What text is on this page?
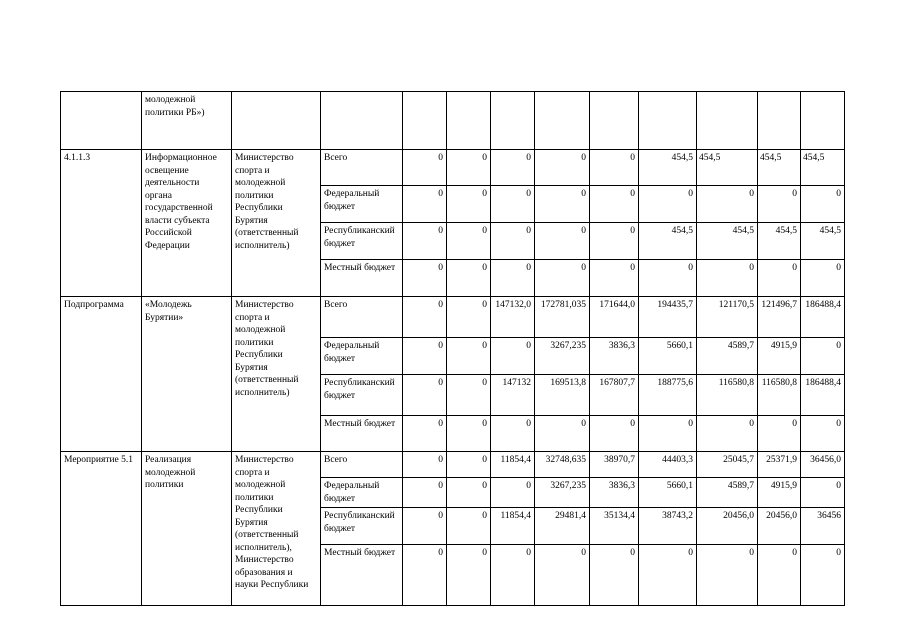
	молодежной политики РБ»)											
4.1.1.3	Информационное освещение деятельности органа государственной власти субъекта Российской Федерации	Министерство спорта и молодежной политики Республики Бурятия (ответственный исполнитель)	Всего	0	0	0	0	0	454,5	454,5	454,5	454,5
			Федеральный бюджет	0	0	0	0	0	0	0	0	0
			Республиканский бюджет	0	0	0	0	0	454,5	454,5	454,5	454,5
			Местный бюджет	0	0	0	0	0	0	0	0	0
Подпрограмма	«Молодежь Бурятии»	Министерство спорта и молодежной политики Республики Бурятия (ответственный исполнитель)	Всего	0	0	147132,0	172781,035	171644,0	194435,7	121170,5	121496,7	186488,4
			Федеральный бюджет	0	0	0	3267,235	3836,3	5660,1	4589,7	4915,9	0
			Республиканский бюджет	0	0	147132	169513,8	167807,7	188775,6	116580,8	116580,8	186488,4
			Местный бюджет	0	0	0	0	0	0	0	0	0
Мероприятие 5.1	Реализация молодежной политики	Министерство спорта и молодежной политики Республики Бурятия (ответственный исполнитель), Министерство образования и науки Республики	Всего	0	0	11854,4	32748,635	38970,7	44403,3	25045,7	25371,9	36456,0
			Федеральный бюджет	0	0	0	3267,235	3836,3	5660,1	4589,7	4915,9	0
			Республиканский бюджет	0	0	11854,4	29481,4	35134,4	38743,2	20456,0	20456,0	36456
			Местный бюджет	0	0	0	0	0	0	0	0	0
